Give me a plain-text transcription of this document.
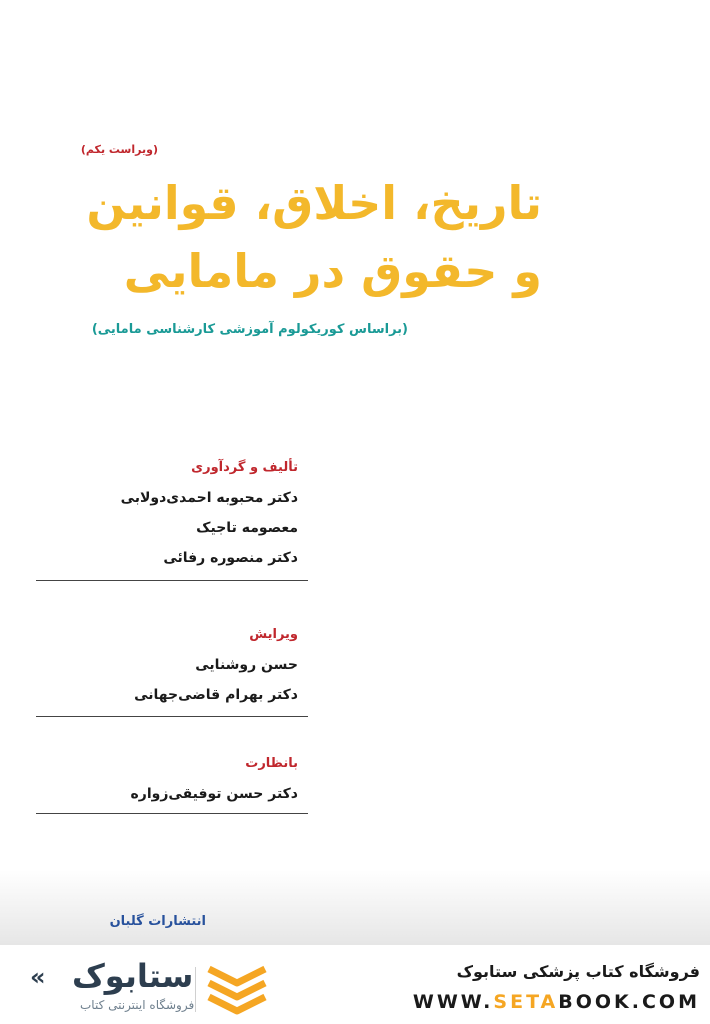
(ویراست یکم)
تاریخ، اخلاق، قوانین
و حقوق در مامایی
(براساس کوریکولوم آموزشی کارشناسی مامایی)
تألیف و گردآوری
دکتر محبوبه احمدی‌دولابی
معصومه تاجیک
دکتر منصوره رفائی
ویرایش
حسن روشنایی
دکتر بهرام قاضی‌جهانی
بانظارت
دکتر حسن توفیقی‌زواره
انتشارات گلبان
« ستابوک
فروشگاه اینترنتی کتاب
فروشگاه کتاب پزشکی ستابوک
WWW.SETABOOK.COM
